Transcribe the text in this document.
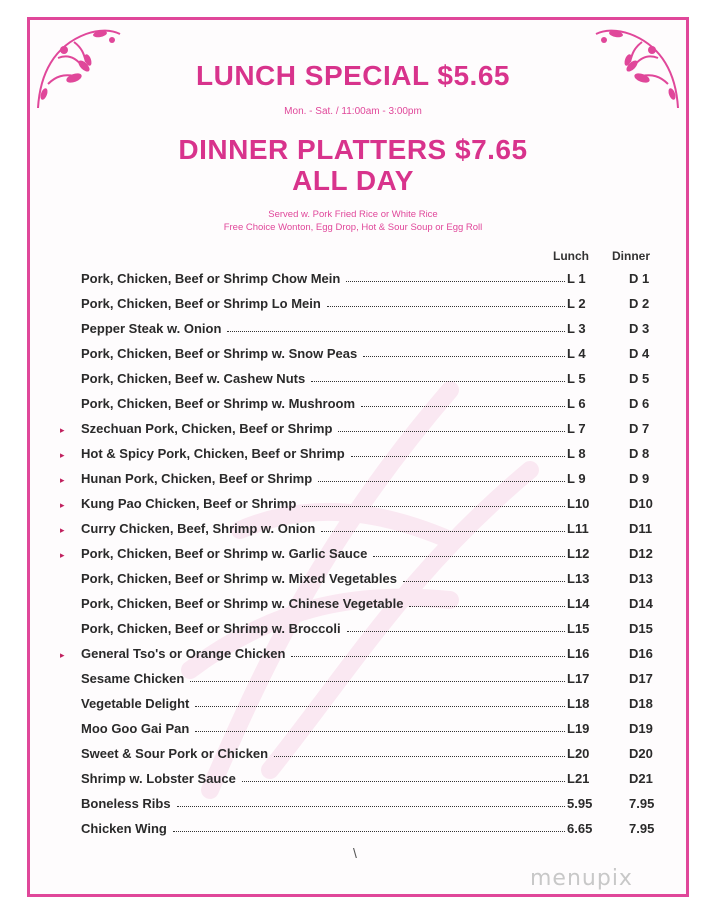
LUNCH SPECIAL $5.65
Mon. - Sat. / 11:00am - 3:00pm
DINNER PLATTERS $7.65
ALL DAY
Served w. Pork Fried Rice or White Rice
Free Choice Wonton, Egg Drop, Hot & Sour Soup or Egg Roll
Lunch Dinner
Pork, Chicken, Beef or Shrimp Chow Mein	L 1	D 1
Pork, Chicken, Beef or Shrimp Lo Mein	L 2	D 2
Pepper Steak w. Onion	L 3	D 3
Pork, Chicken, Beef or Shrimp w. Snow Peas	L 4	D 4
Pork, Chicken, Beef w. Cashew Nuts	L 5	D 5
Pork, Chicken, Beef or Shrimp w. Mushroom	L 6	D 6
▸ Szechuan Pork, Chicken, Beef or Shrimp	L 7	D 7
▸ Hot & Spicy Pork, Chicken, Beef or Shrimp	L 8	D 8
▸ Hunan Pork, Chicken, Beef or Shrimp	L 9	D 9
▸ Kung Pao Chicken, Beef or Shrimp	L10	D10
▸ Curry Chicken, Beef, Shrimp w. Onion	L11	D11
▸ Pork, Chicken, Beef or Shrimp w. Garlic Sauce	L12	D12
Pork, Chicken, Beef or Shrimp w. Mixed Vegetables	L13	D13
Pork, Chicken, Beef or Shrimp w. Chinese Vegetable	L14	D14
Pork, Chicken, Beef or Shrimp w. Broccoli	L15	D15
▸ General Tso's or Orange Chicken	L16	D16
Sesame Chicken	L17	D17
Vegetable Delight	L18	D18
Moo Goo Gai Pan	L19	D19
Sweet & Sour Pork or Chicken	L20	D20
Shrimp w. Lobster Sauce	L21	D21
Boneless Ribs	5.95	7.95
Chicken Wing	6.65	7.95
\
menupix
